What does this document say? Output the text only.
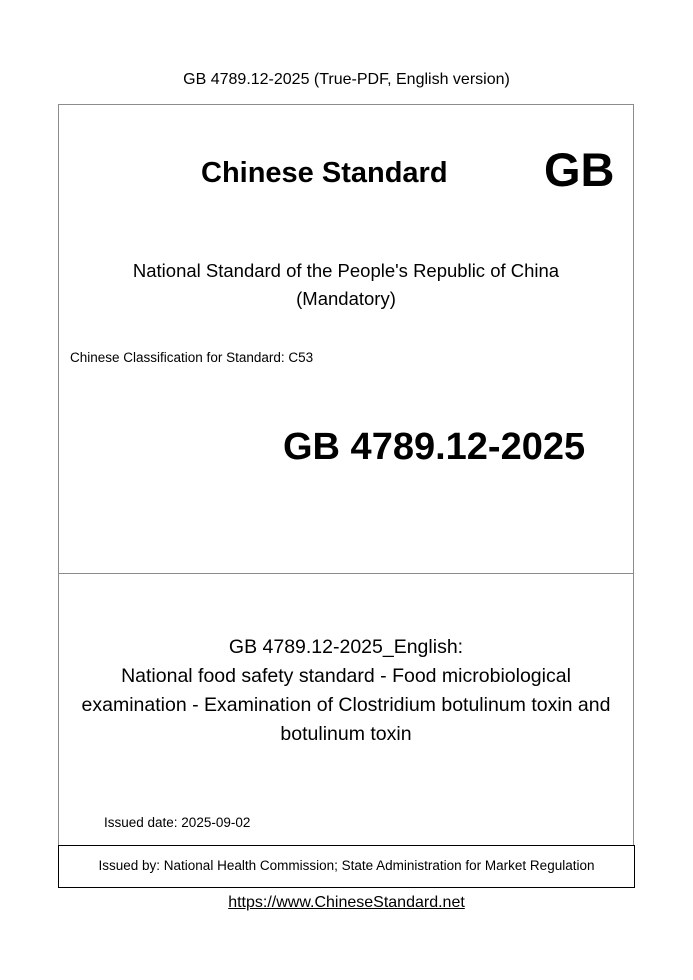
GB 4789.12-2025 (True-PDF, English version)
Chinese Standard GB
National Standard of the People's Republic of China
(Mandatory)
Chinese Classification for Standard: C53
GB 4789.12-2025
GB 4789.12-2025_English:
National food safety standard - Food microbiological
examination - Examination of Clostridium botulinum toxin and
botulinum toxin
Issued date: 2025-09-02
Issued by: National Health Commission; State Administration for Market Regulation
https://www.ChineseStandard.net
